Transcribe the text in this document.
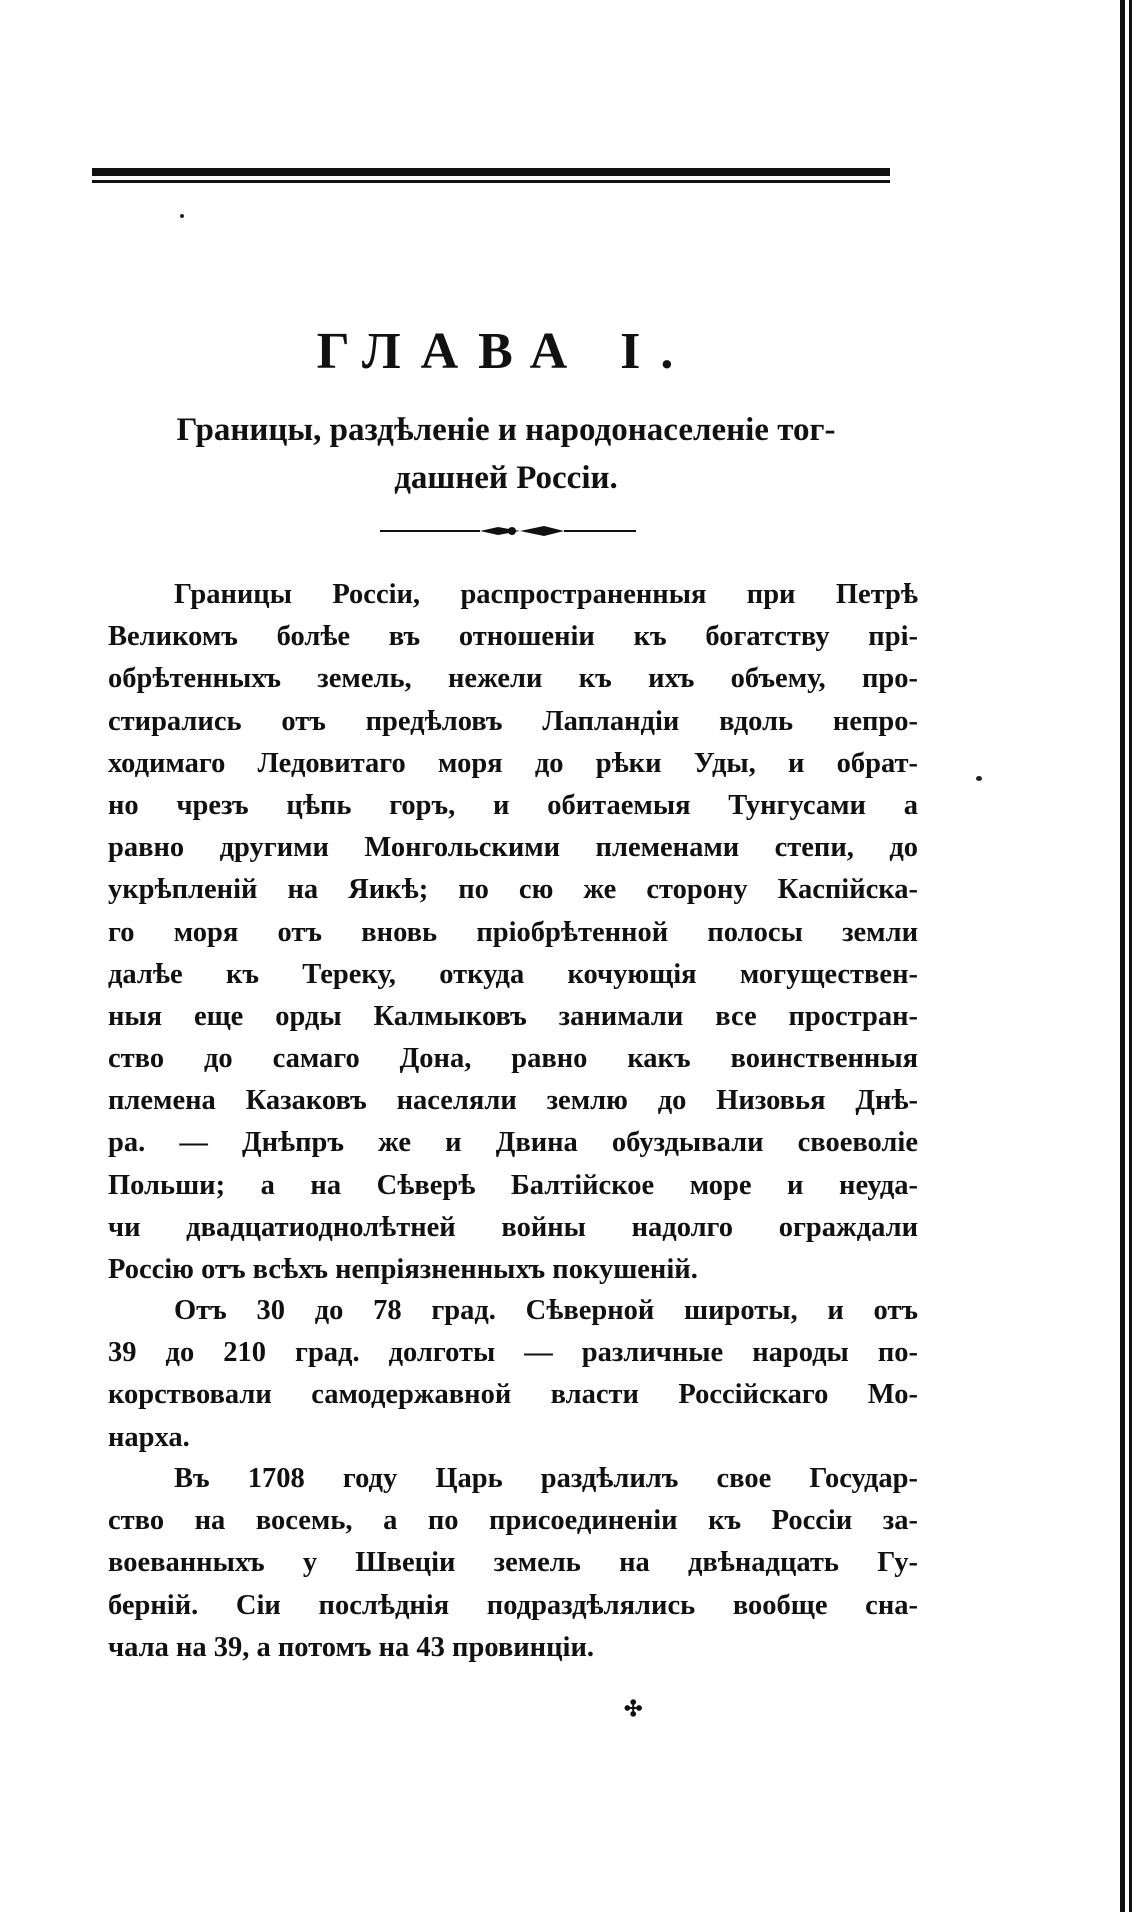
ГЛАВА I.
Границы, раздѣленіе и народонаселеніе тог-
дашней Россіи.
Границы Россіи, распространенныя при Петрѣ
Великомъ болѣе въ отношеніи къ богатству прі-
обрѣтенныхъ земель, нежели къ ихъ объему, про-
стирались отъ предѣловъ Лапландіи вдоль непро-
ходимаго Ледовитаго моря до рѣки Уды, и обрат-
но чрезъ цѣпь горъ, и обитаемыя Тунгусами а
равно другими Монгольскими племенами степи, до
укрѣпленій на Яикѣ; по сю же сторону Каспійска-
го моря отъ вновь пріобрѣтенной полосы земли
далѣе къ Тереку, откуда кочующія могуществен-
ныя еще орды Калмыковъ занимали все простран-
ство до самаго Дона, равно какъ воинственныя
племена Казаковъ населяли землю до Низовья Днѣ-
ра. — Днѣпръ же и Двина обуздывали своеволіе
Польши; а на Сѣверѣ Балтійское море и неуда-
чи двадцатиоднолѣтней войны надолго ограждали
Россію отъ всѣхъ непріязненныхъ покушеній.
Отъ 30 до 78 град. Сѣверной широты, и отъ
39 до 210 град. долготы — различные народы по-
корствовали самодержавной власти Россійскаго Мо-
нарха.
Въ 1708 году Царь раздѣлилъ свое Государ-
ство на восемь, а по присоединеніи къ Россіи за-
воеванныхъ у Швеціи земель на двѣнадцать Гу-
берній. Сіи послѣднія подраздѣлялись вообще сна-
чала на 39, а потомъ на 43 провинціи.
✣
